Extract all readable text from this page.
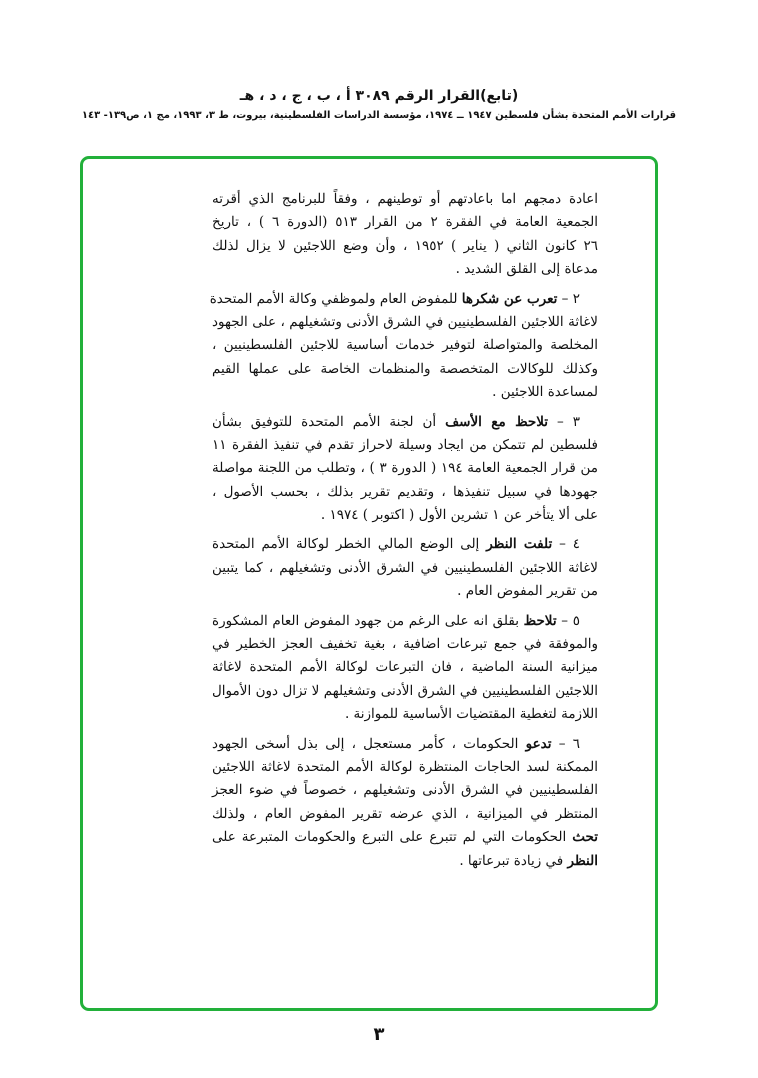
(تابع)القرار الرقم ٣٠٨٩ أ ، ب ، ج ، د ، هـ
قرارات الأمم المتحدة بشأن فلسطين ١٩٤٧ ــ ١٩٧٤، مؤسسة الدراسات الفلسطينية، بيروت، ط ٣، ١٩٩٣، مج ١، ص١٣٩- ١٤٣
اعادة دمجهم اما باعادتهم أو توطينهم ، وفقاً للبرنامج الذي أقرته
الجمعية العامة في الفقرة ٢ من القرار ٥١٣ (الدورة ٦ ) ، تاريخ
٢٦ كانون الثاني ( يناير ) ١٩٥٢ ، وأن وضع اللاجئين لا يزال لذلك
مدعاة إلى القلق الشديد .
٢ – تعرب عن شكرها للمفوض العام ولموظفي وكالة الأمم المتحدة
لاغاثة اللاجئين الفلسطينيين في الشرق الأدنى وتشغيلهم ، على الجهود
المخلصة والمتواصلة لتوفير خدمات أساسية للاجئين الفلسطينيين ،
وكذلك للوكالات المتخصصة والمنظمات الخاصة على عملها القيم
لمساعدة اللاجئين .
٣ – تلاحظ مع الأسف أن لجنة الأمم المتحدة للتوفيق بشأن
فلسطين لم تتمكن من ايجاد وسيلة لاحراز تقدم في تنفيذ الفقرة ١١
من قرار الجمعية العامة ١٩٤ ( الدورة ٣ ) ، وتطلب من اللجنة مواصلة
جهودها في سبيل تنفيذها ، وتقديم تقرير بذلك ، بحسب الأصول ،
على ألا يتأخر عن ١ تشرين الأول ( اكتوبر ) ١٩٧٤ .
٤ – تلفت النظر إلى الوضع المالي الخطر لوكالة الأمم المتحدة
لاغاثة اللاجئين الفلسطينيين في الشرق الأدنى وتشغيلهم ، كما يتبين
من تقرير المفوض العام .
٥ – تلاحظ بقلق انه على الرغم من جهود المفوض العام المشكورة
والموفقة في جمع تبرعات اضافية ، بغية تخفيف العجز الخطير في
ميزانية السنة الماضية ، فان التبرعات لوكالة الأمم المتحدة لاغاثة
اللاجئين الفلسطينيين في الشرق الأدنى وتشغيلهم لا تزال دون الأموال
اللازمة لتغطية المقتضيات الأساسية للموازنة .
٦ – تدعو الحكومات ، كأمر مستعجل ، إلى بذل أسخى الجهود
الممكنة لسد الحاجات المنتظرة لوكالة الأمم المتحدة لاغاثة اللاجئين
الفلسطينيين في الشرق الأدنى وتشغيلهم ، خصوصاً في ضوء العجز
المنتظر في الميزانية ، الذي عرضه تقرير المفوض العام ، ولذلك
تحث الحكومات التي لم تتبرع على التبرع والحكومات المتبرعة على
النظر في زيادة تبرعاتها .
٣
